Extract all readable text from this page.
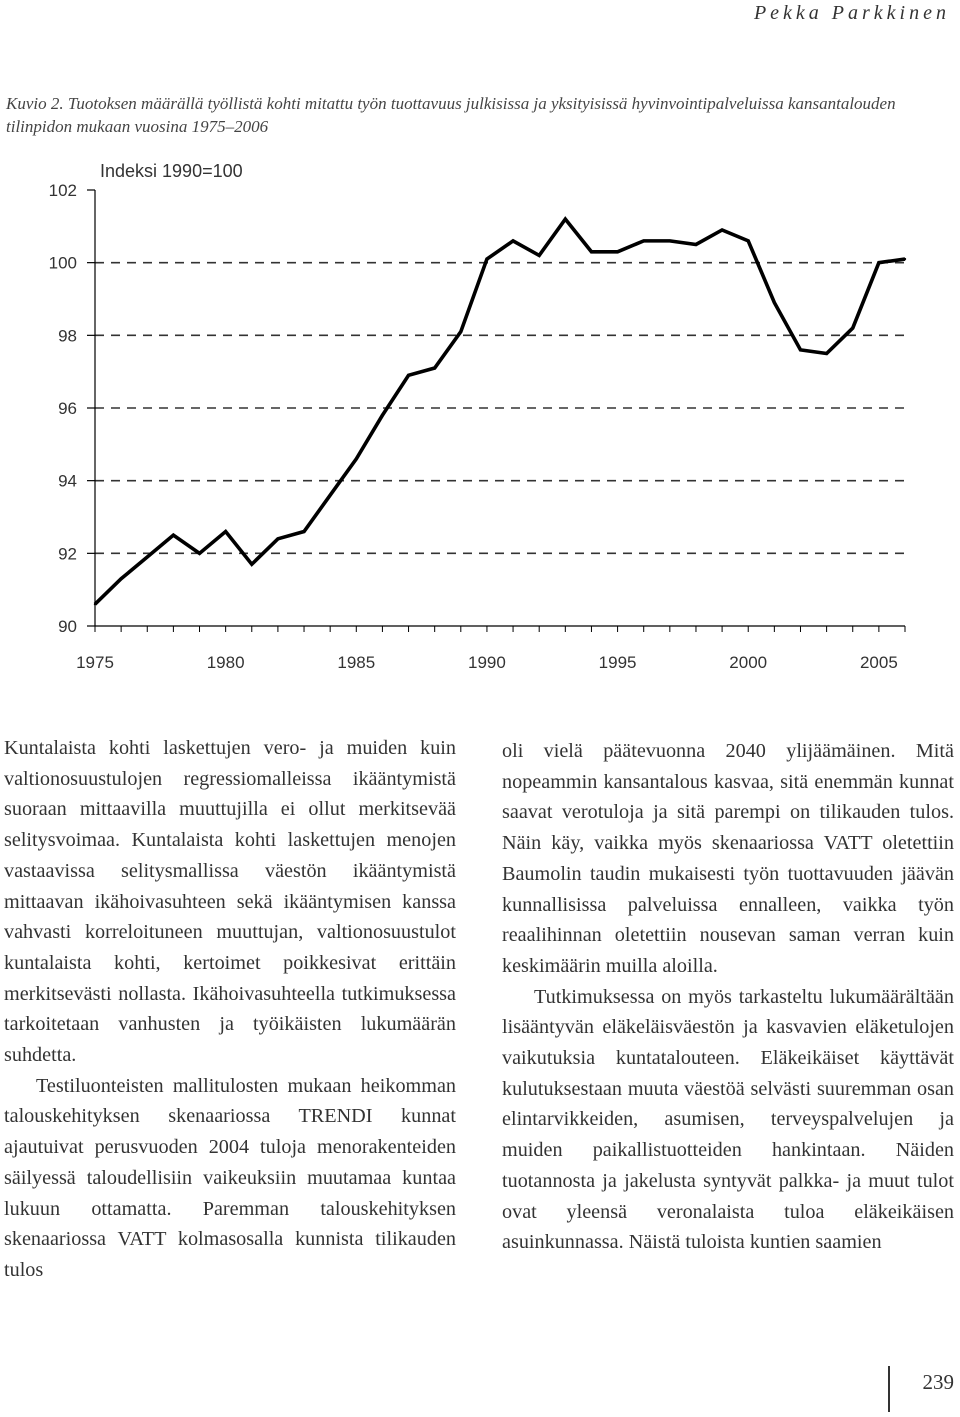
Pekka Parkkinen
Kuvio 2. Tuotoksen määrällä työllistä kohti mitattu työn tuottavuus julkisissa ja yksityisissä hyvinvointipalveluissa kansantalouden tilinpidon mukaan vuosina 1975–2006
90
92
94
96
98
100
102
1975	1980	1985	1990	1995	2000	2005
Indeksi 1990=100

Kuntalaista kohti laskettujen vero- ja muiden kuin valtionosuustulojen regressiomalleissa ikääntymistä suoraan mittaavilla muuttujilla ei ollut merkitsevää selitysvoimaa. Kuntalaista kohti laskettujen menojen vastaavissa selitysmallissa väestön ikääntymistä mittaavan ikähoivasuhteen sekä ikääntymisen kanssa vahvasti korreloituneen muuttujan, valtionosuustulot kuntalaista kohti, kertoimet poikkesivat erittäin merkitsevästi nollasta. Ikähoivasuhteella tutkimuksessa tarkoitetaan vanhusten ja työikäisten lukumäärän suhdetta.

Testiluonteisten mallitulosten mukaan heikomman talouskehityksen skenaariossa TRENDI kunnat ajautuivat perusvuoden 2004 tuloja menorakenteiden säilyessä taloudellisiin vaikeuksiin muutamaa kuntaa lukuun ottamatta. Paremman talouskehityksen skenaariossa VATT kolmasosalla kunnista tilikauden tulos

oli vielä päätevuonna 2040 ylijäämäinen. Mitä nopeammin kansantalous kasvaa, sitä enemmän kunnat saavat verotuloja ja sitä parempi on tilikauden tulos. Näin käy, vaikka myös skenaariossa VATT oletettiin Baumolin taudin mukaisesti työn tuottavuuden jäävän kunnallisissa palveluissa ennalleen, vaikka työn reaalihinnan oletettiin nousevan saman verran kuin keskimäärin muilla aloilla.

Tutkimuksessa on myös tarkasteltu lukumäärältään lisääntyvän eläkeläisväestön ja kasvavien eläketulojen vaikutuksia kuntatalouteen. Eläkeikäiset käyttävät kulutuksestaan muuta väestöä selvästi suuremman osan elintarvikkeiden, asumisen, terveyspalvelujen ja muiden paikallistuotteiden hankintaan. Näiden tuotannosta ja jakelusta syntyvät palkka- ja muut tulot ovat yleensä veronalaista tuloa eläkeikäisen asuinkunnassa. Näistä tuloista kuntien saamien

239
